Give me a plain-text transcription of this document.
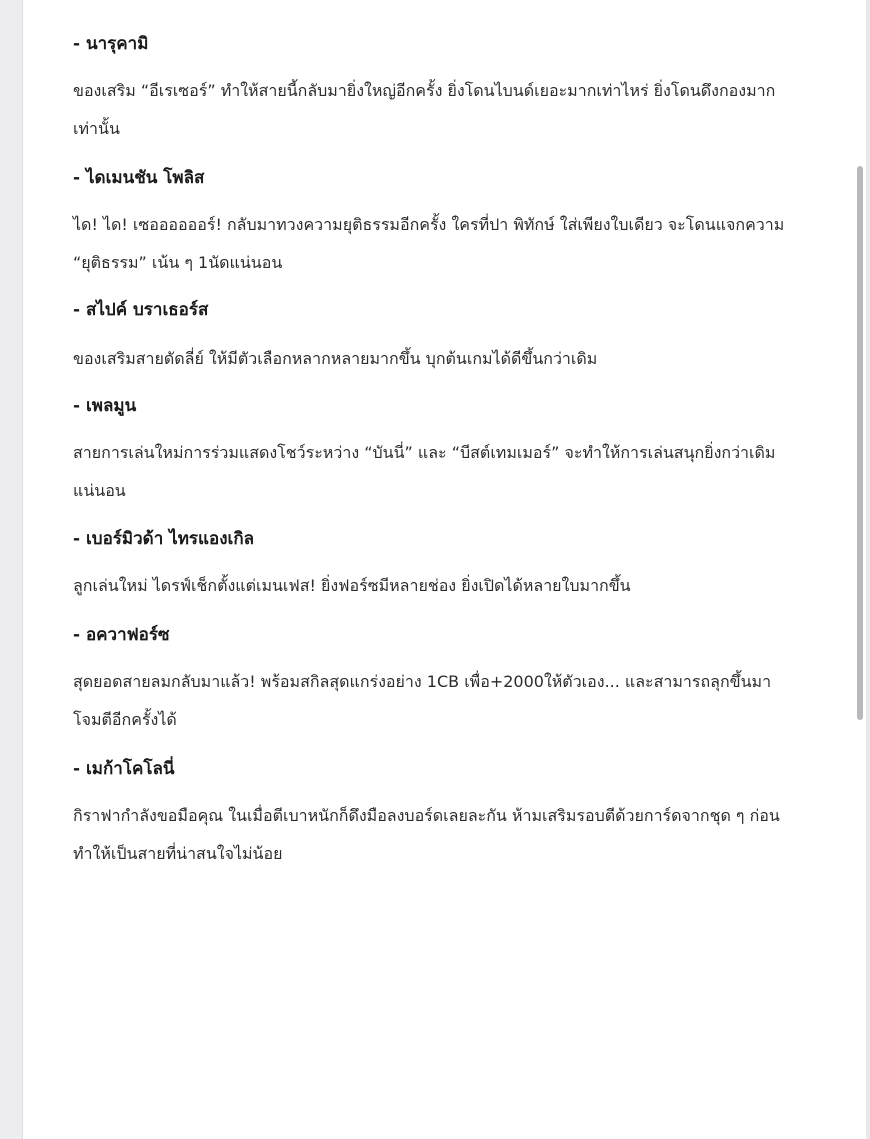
- นารุคามิ

ของเสริม “อีเรเซอร์” ทำให้สายนี้กลับมายิ่งใหญ่อีกครั้ง ยิ่งโดนไบนด์เยอะมากเท่าไหร่ ยิ่งโดนดึงกองมากเท่านั้น

- ไดเมนชัน โพลิส

ได! ได! เซออออออร์! กลับมาทวงความยุติธรรมอีกครั้ง ใครที่ปา พิทักษ์ ใส่เพียงใบเดียว จะโดนแจกความ “ยุติธรรม” เน้น ๆ 1นัดแน่นอน

- สไปค์ บราเธอร์ส

ของเสริมสายดัดลี่ย์ ให้มีตัวเลือกหลากหลายมากขึ้น บุกต้นเกมได้ดีขึ้นกว่าเดิม

- เพลมูน

สายการเล่นใหม่การร่วมแสดงโชว์ระหว่าง “บันนี่” และ “บีสต์เทมเมอร์” จะทำให้การเล่นสนุกยิ่งกว่าเดิมแน่นอน

- เบอร์มิวด้า ไทรแองเกิล

ลูกเล่นใหม่ ไดรฟ์เช็กตั้งแต่เมนเฟส! ยิ่งฟอร์ซมีหลายช่อง ยิ่งเปิดได้หลายใบมากขึ้น

- อควาฟอร์ซ

สุดยอดสายลมกลับมาแล้ว! พร้อมสกิลสุดแกร่งอย่าง 1CB เพื่อ+2000ให้ตัวเอง... และสามารถลุกขึ้นมาโจมตีอีกครั้งได้

- เมก้าโคโลนี่

กิราฟากำลังขอมือคุณ ในเมื่อตีเบาหนักก็ดึงมือลงบอร์ดเลยละกัน ห้ามเสริมรอบตีด้วยการ์ดจากชุด ๆ ก่อน ทำให้เป็นสายที่น่าสนใจไม่น้อย
